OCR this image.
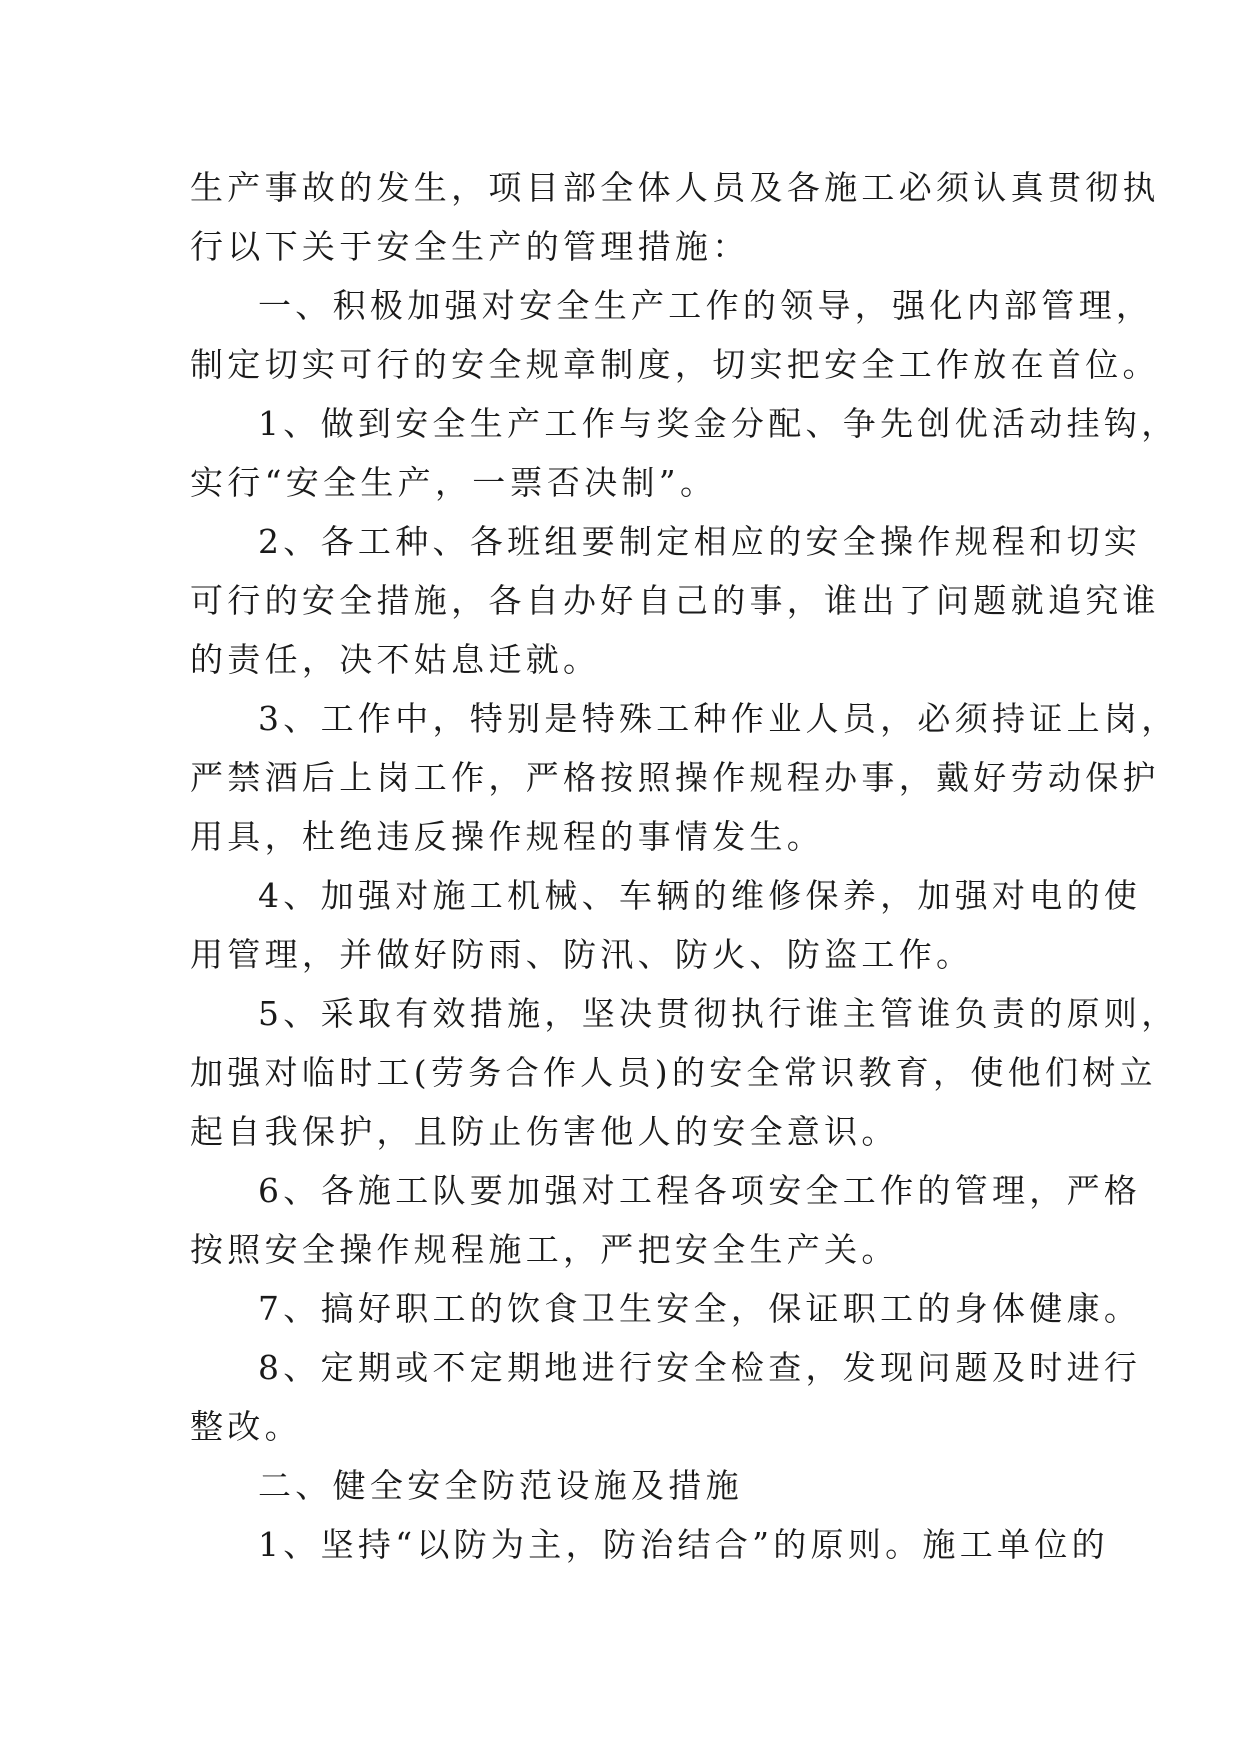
生产事故的发生，项目部全体人员及各施工必须认真贯彻执
行以下关于安全生产的管理措施：
一、积极加强对安全生产工作的领导，强化内部管理，
制定切实可行的安全规章制度，切实把安全工作放在首位。
1、做到安全生产工作与奖金分配、争先创优活动挂钩，
实行“安全生产，一票否决制”。
2、各工种、各班组要制定相应的安全操作规程和切实
可行的安全措施，各自办好自己的事，谁出了问题就追究谁
的责任，决不姑息迁就。
3、工作中，特别是特殊工种作业人员，必须持证上岗，
严禁酒后上岗工作，严格按照操作规程办事，戴好劳动保护
用具，杜绝违反操作规程的事情发生。
4、加强对施工机械、车辆的维修保养，加强对电的使
用管理，并做好防雨、防汛、防火、防盗工作。
5、采取有效措施，坚决贯彻执行谁主管谁负责的原则，
加强对临时工(劳务合作人员)的安全常识教育，使他们树立
起自我保护，且防止伤害他人的安全意识。
6、各施工队要加强对工程各项安全工作的管理，严格
按照安全操作规程施工，严把安全生产关。
7、搞好职工的饮食卫生安全，保证职工的身体健康。
8、定期或不定期地进行安全检查，发现问题及时进行
整改。
二、健全安全防范设施及措施
1、坚持“以防为主，防治结合”的原则。施工单位的
